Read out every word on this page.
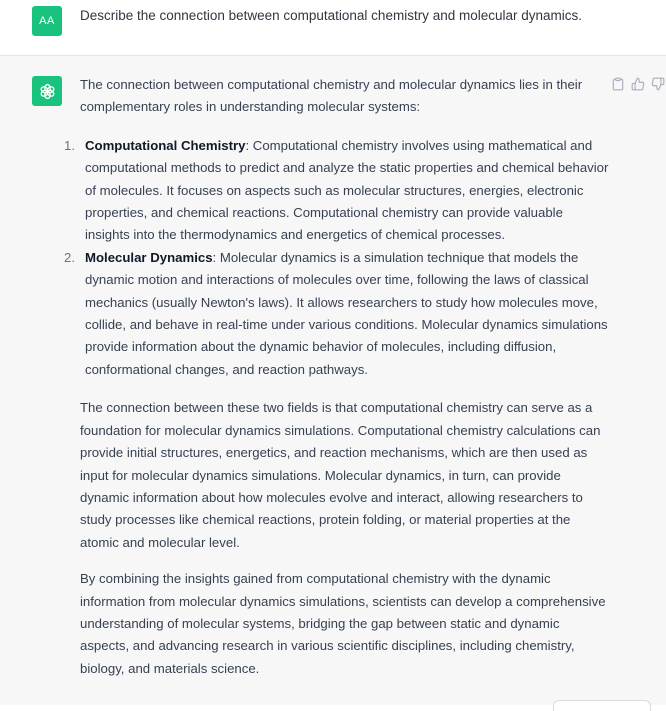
AA	Describe the connection between computational chemistry and molecular dynamics.

The connection between computational chemistry and molecular dynamics lies in their complementary roles in understanding molecular systems:

1. Computational Chemistry: Computational chemistry involves using mathematical and computational methods to predict and analyze the static properties and chemical behavior of molecules. It focuses on aspects such as molecular structures, energies, electronic properties, and chemical reactions. Computational chemistry can provide valuable insights into the thermodynamics and energetics of chemical processes.
2. Molecular Dynamics: Molecular dynamics is a simulation technique that models the dynamic motion and interactions of molecules over time, following the laws of classical mechanics (usually Newton's laws). It allows researchers to study how molecules move, collide, and behave in real-time under various conditions. Molecular dynamics simulations provide information about the dynamic behavior of molecules, including diffusion, conformational changes, and reaction pathways.

The connection between these two fields is that computational chemistry can serve as a foundation for molecular dynamics simulations. Computational chemistry calculations can provide initial structures, energetics, and reaction mechanisms, which are then used as input for molecular dynamics simulations. Molecular dynamics, in turn, can provide dynamic information about how molecules evolve and interact, allowing researchers to study processes like chemical reactions, protein folding, or material properties at the atomic and molecular level.

By combining the insights gained from computational chemistry with the dynamic information from molecular dynamics simulations, scientists can develop a comprehensive understanding of molecular systems, bridging the gap between static and dynamic aspects, and advancing research in various scientific disciplines, including chemistry, biology, and materials science.
